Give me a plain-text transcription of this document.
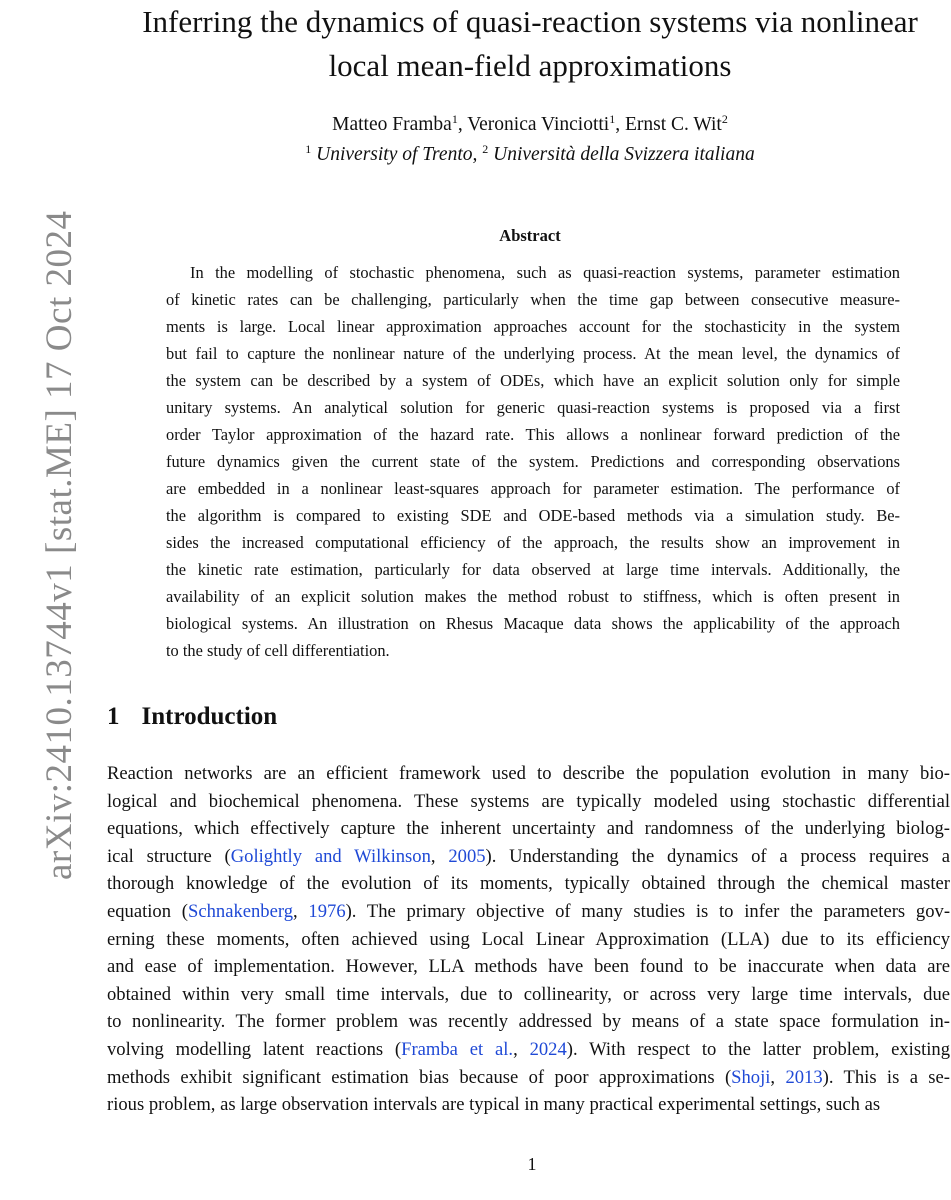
arXiv:2410.13744v1 [stat.ME] 17 Oct 2024
Inferring the dynamics of quasi-reaction systems via nonlinear
local mean-field approximations
Matteo Framba$^1$, Veronica Vinciotti$^1$, Ernst C. Wit$^2$
$^1$ University of Trento, $^2$ Università della Svizzera italiana
Abstract
In the modelling of stochastic phenomena, such as quasi-reaction systems, parameter estimation
of kinetic rates can be challenging, particularly when the time gap between consecutive measure-
ments is large. Local linear approximation approaches account for the stochasticity in the system
but fail to capture the nonlinear nature of the underlying process. At the mean level, the dynamics of
the system can be described by a system of ODEs, which have an explicit solution only for simple
unitary systems. An analytical solution for generic quasi-reaction systems is proposed via a first
order Taylor approximation of the hazard rate. This allows a nonlinear forward prediction of the
future dynamics given the current state of the system. Predictions and corresponding observations
are embedded in a nonlinear least-squares approach for parameter estimation. The performance of
the algorithm is compared to existing SDE and ODE-based methods via a simulation study. Be-
sides the increased computational efficiency of the approach, the results show an improvement in
the kinetic rate estimation, particularly for data observed at large time intervals. Additionally, the
availability of an explicit solution makes the method robust to stiffness, which is often present in
biological systems. An illustration on Rhesus Macaque data shows the applicability of the approach
to the study of cell differentiation.
1 Introduction
Reaction networks are an efficient framework used to describe the population evolution in many bio-
logical and biochemical phenomena. These systems are typically modeled using stochastic differential
equations, which effectively capture the inherent uncertainty and randomness of the underlying biolog-
ical structure (Golightly and Wilkinson, 2005). Understanding the dynamics of a process requires a
thorough knowledge of the evolution of its moments, typically obtained through the chemical master
equation (Schnakenberg, 1976). The primary objective of many studies is to infer the parameters gov-
erning these moments, often achieved using Local Linear Approximation (LLA) due to its efficiency
and ease of implementation. However, LLA methods have been found to be inaccurate when data are
obtained within very small time intervals, due to collinearity, or across very large time intervals, due
to nonlinearity. The former problem was recently addressed by means of a state space formulation in-
volving modelling latent reactions (Framba et al., 2024). With respect to the latter problem, existing
methods exhibit significant estimation bias because of poor approximations (Shoji, 2013). This is a se-
rious problem, as large observation intervals are typical in many practical experimental settings, such as
1
